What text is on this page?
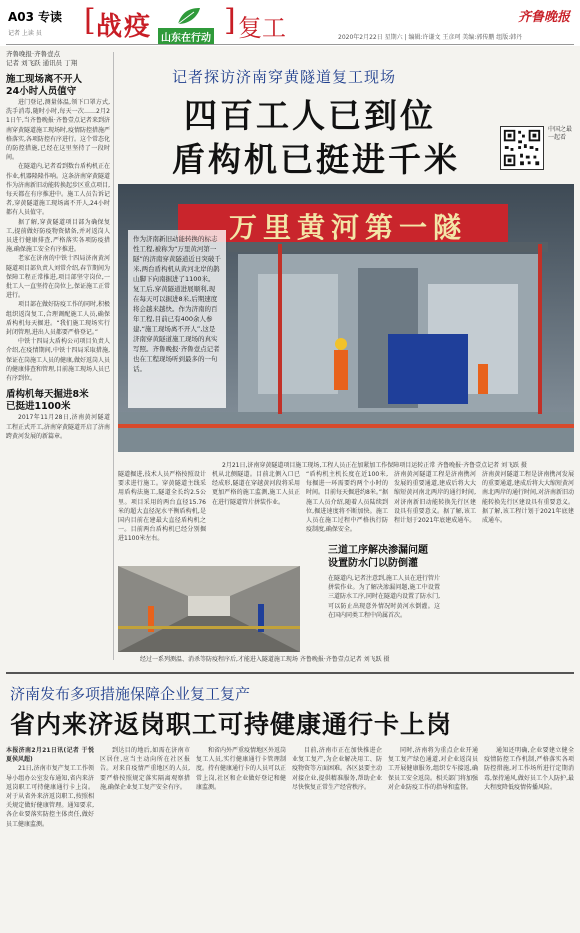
A03 专读
记者 上读 员 [ 战疫 山东在行动
] 复工	齐鲁晚报
2020年2月22日 星期六 | 编辑:许谦文 王彦珂 美编:郭传鹏 组版:韩丹
齐鲁晚报·齐鲁壹点
记者 刘飞跃 通讯员 丁翔
施工现场离不开人
24小时人员值守

进门登记,测量体温,领下口罩方式,洗手消毒,随时小时,每天一次……2月21日午,当齐鲁晚报·齐鲁壹点记者来到济南穿黄隧道施工现场时,疫情防控措施严格落实,各项防控有序进行。这个常态化的防控措施,已经在这里坚持了一段时间。

在隧道内,记者看到数台盾构机正在作业,机器隆隆作响。这条济南穿黄隧道作为济南新旧动能转换起步区重点项目,每天都在有序推进中。施工人员告诉记者,穿黄隧道施工现场离不开人,24小时都有人员值守。

据了解,穿黄隧道项目部为确保复工,提前做好防疫物资储备,并对返岗人员进行健康排查,严格落实各项防疫措施,确保施工安全有序推进。

老家在济南的中铁十四局济南黄河隧道项目部负责人刘常介绍,春节期间为保障工程正常推进,项目部坚守岗位,一批工人一直坚持在岗位上,保证施工正常进行。

项目部在做好防疫工作的同时,积极组织返岗复工,合理调配施工人员,确保盾构机每天掘进。“我们施工现场实行封闭管理,进出人员都要严格登记。”

中铁十四局大盾构公司项目负责人介绍,在疫情期间,中铁十四局采取措施,保证在岗施工人员的健康,做好返岗人员的健康排查和管理,目前施工现场人员已有序到位。

盾构机每天掘进8米
已挺进1100米

2017年11月28日,济南黄河隧道工程正式开工,济南穿黄隧道开启了济南跨黄河发展的新篇章。

记者探访济南穿黄隧道复工现场
四百工人已到位
盾构机已挺进千米
中国之最一起看
万里黄河第一隧
作为济南新旧动能转换的标志性工程,被称为“万里黄河第一隧”的济南穿黄隧道近日突破千米,两台盾构机从黄河北岸的鹊山脚下向南掘进了1100米。复工后,穿黄隧道进展顺利,现在每天可以掘进8米,后期速度将会越来越快。作为济南的百年工程,目前已有400余人参建,“施工现场离不开人”,这是济南穿黄隧道施工现场的真实写照。齐鲁晚报·齐鲁壹点记者也在工程现场听到最多的一句话。
2月21日,济南穿黄隧道项目施工现场,工程人员正在加紧加工作保障项目运转正常 齐鲁晚报·齐鲁壹点记者 刘飞跃 摄

隧道掘进,技术人员严格按照设计要求进行施工。穿黄隧道主线采用盾构法施工,隧道全长约2.5公里。项目采用的两台直径15.76米的超大直径泥水平衡盾构机,是国内目前在建最大直径盾构机之一。目前两台盾构机已经分别掘进1100米左右。

机从北侧隧道。目前北侧入口已经成形,隧道在穿越黄河段将采用更加严格的施工监测,施工人员正在进行隧道管片拼装作业。

“盾构机主机长度在近100米,每掘进一环需要约两个小时的时间。目前每天掘进约8米。”据施工人员介绍,随着人员陆续到位,掘进速度将不断加快。施工人员在施工过程中严格执行防疫制度,确保安全。

三道工序解决渗漏问题
设置防水门以防倒灌

在隧道内,记者注意到,施工人员在进行管片拼装作业。为了解决渗漏问题,施工中设置三道防水工序,同时在隧道内设置了防水门,可以防止出现意外情况时黄河水倒灌。这在国内同类工程中尚属首次。

济南黄河隧道工程是济南携河发展的重要通道,建成后将大大缩短黄河南北两岸的通行时间,对济南新旧动能转换先行区建设具有重要意义。据了解,该工程计划于2021年底建成通车。

济南黄河隧道工程是济南携河发展的重要通道,建成后将大大缩短黄河南北两岸的通行时间,对济南新旧动能转换先行区建设具有重要意义。据了解,该工程计划于2021年底建成通车。

经过一系列测温、消杀等防疫程序后,才能进入隧道施工现场 齐鲁晚报·齐鲁壹点记者 刘飞跃 摄
济南发布多项措施保障企业复工复产
省内来济返岗职工可持健康通行卡上岗

本报济南2月21日讯(记者 于悦 夏侯风超)

21日,济南市复产复工工作领导小组办公室发布通知,省内来济返岗职工可持健康通行卡上岗。对于从省外来济返岗职工,按照相关规定做好健康管理。通知要求,各企业要落实防控主体责任,做好员工健康监测。

到达目的地后,如需在济南市区居住,应当主动向所在社区报告。对来自疫情严重地区的人员,要严格按照规定落实隔离观察措施,确保企业复工复产安全有序。

和省内外严重疫情地区外返岗复工人员,实行健康通行卡管理制度。持有健康通行卡的人员可以正常上岗,社区和企业做好登记和健康监测。

目前,济南市正在加快推进企业复工复产,为企业解决用工、防疫物资等方面困难。各区县要主动对接企业,提供精准服务,帮助企业尽快恢复正常生产经营秩序。

同时,济南将为重点企业开通复工复产绿色通道,对企业返岗员工开展健康服务,组织专车接返,确保员工安全返岗。相关部门将加强对企业防疫工作的指导和监督。

通知还明确,企业要建立健全疫情防控工作机制,严格落实各项防控措施,对工作场所进行定期消毒,保持通风,做好员工个人防护,最大程度降低疫情传播风险。
